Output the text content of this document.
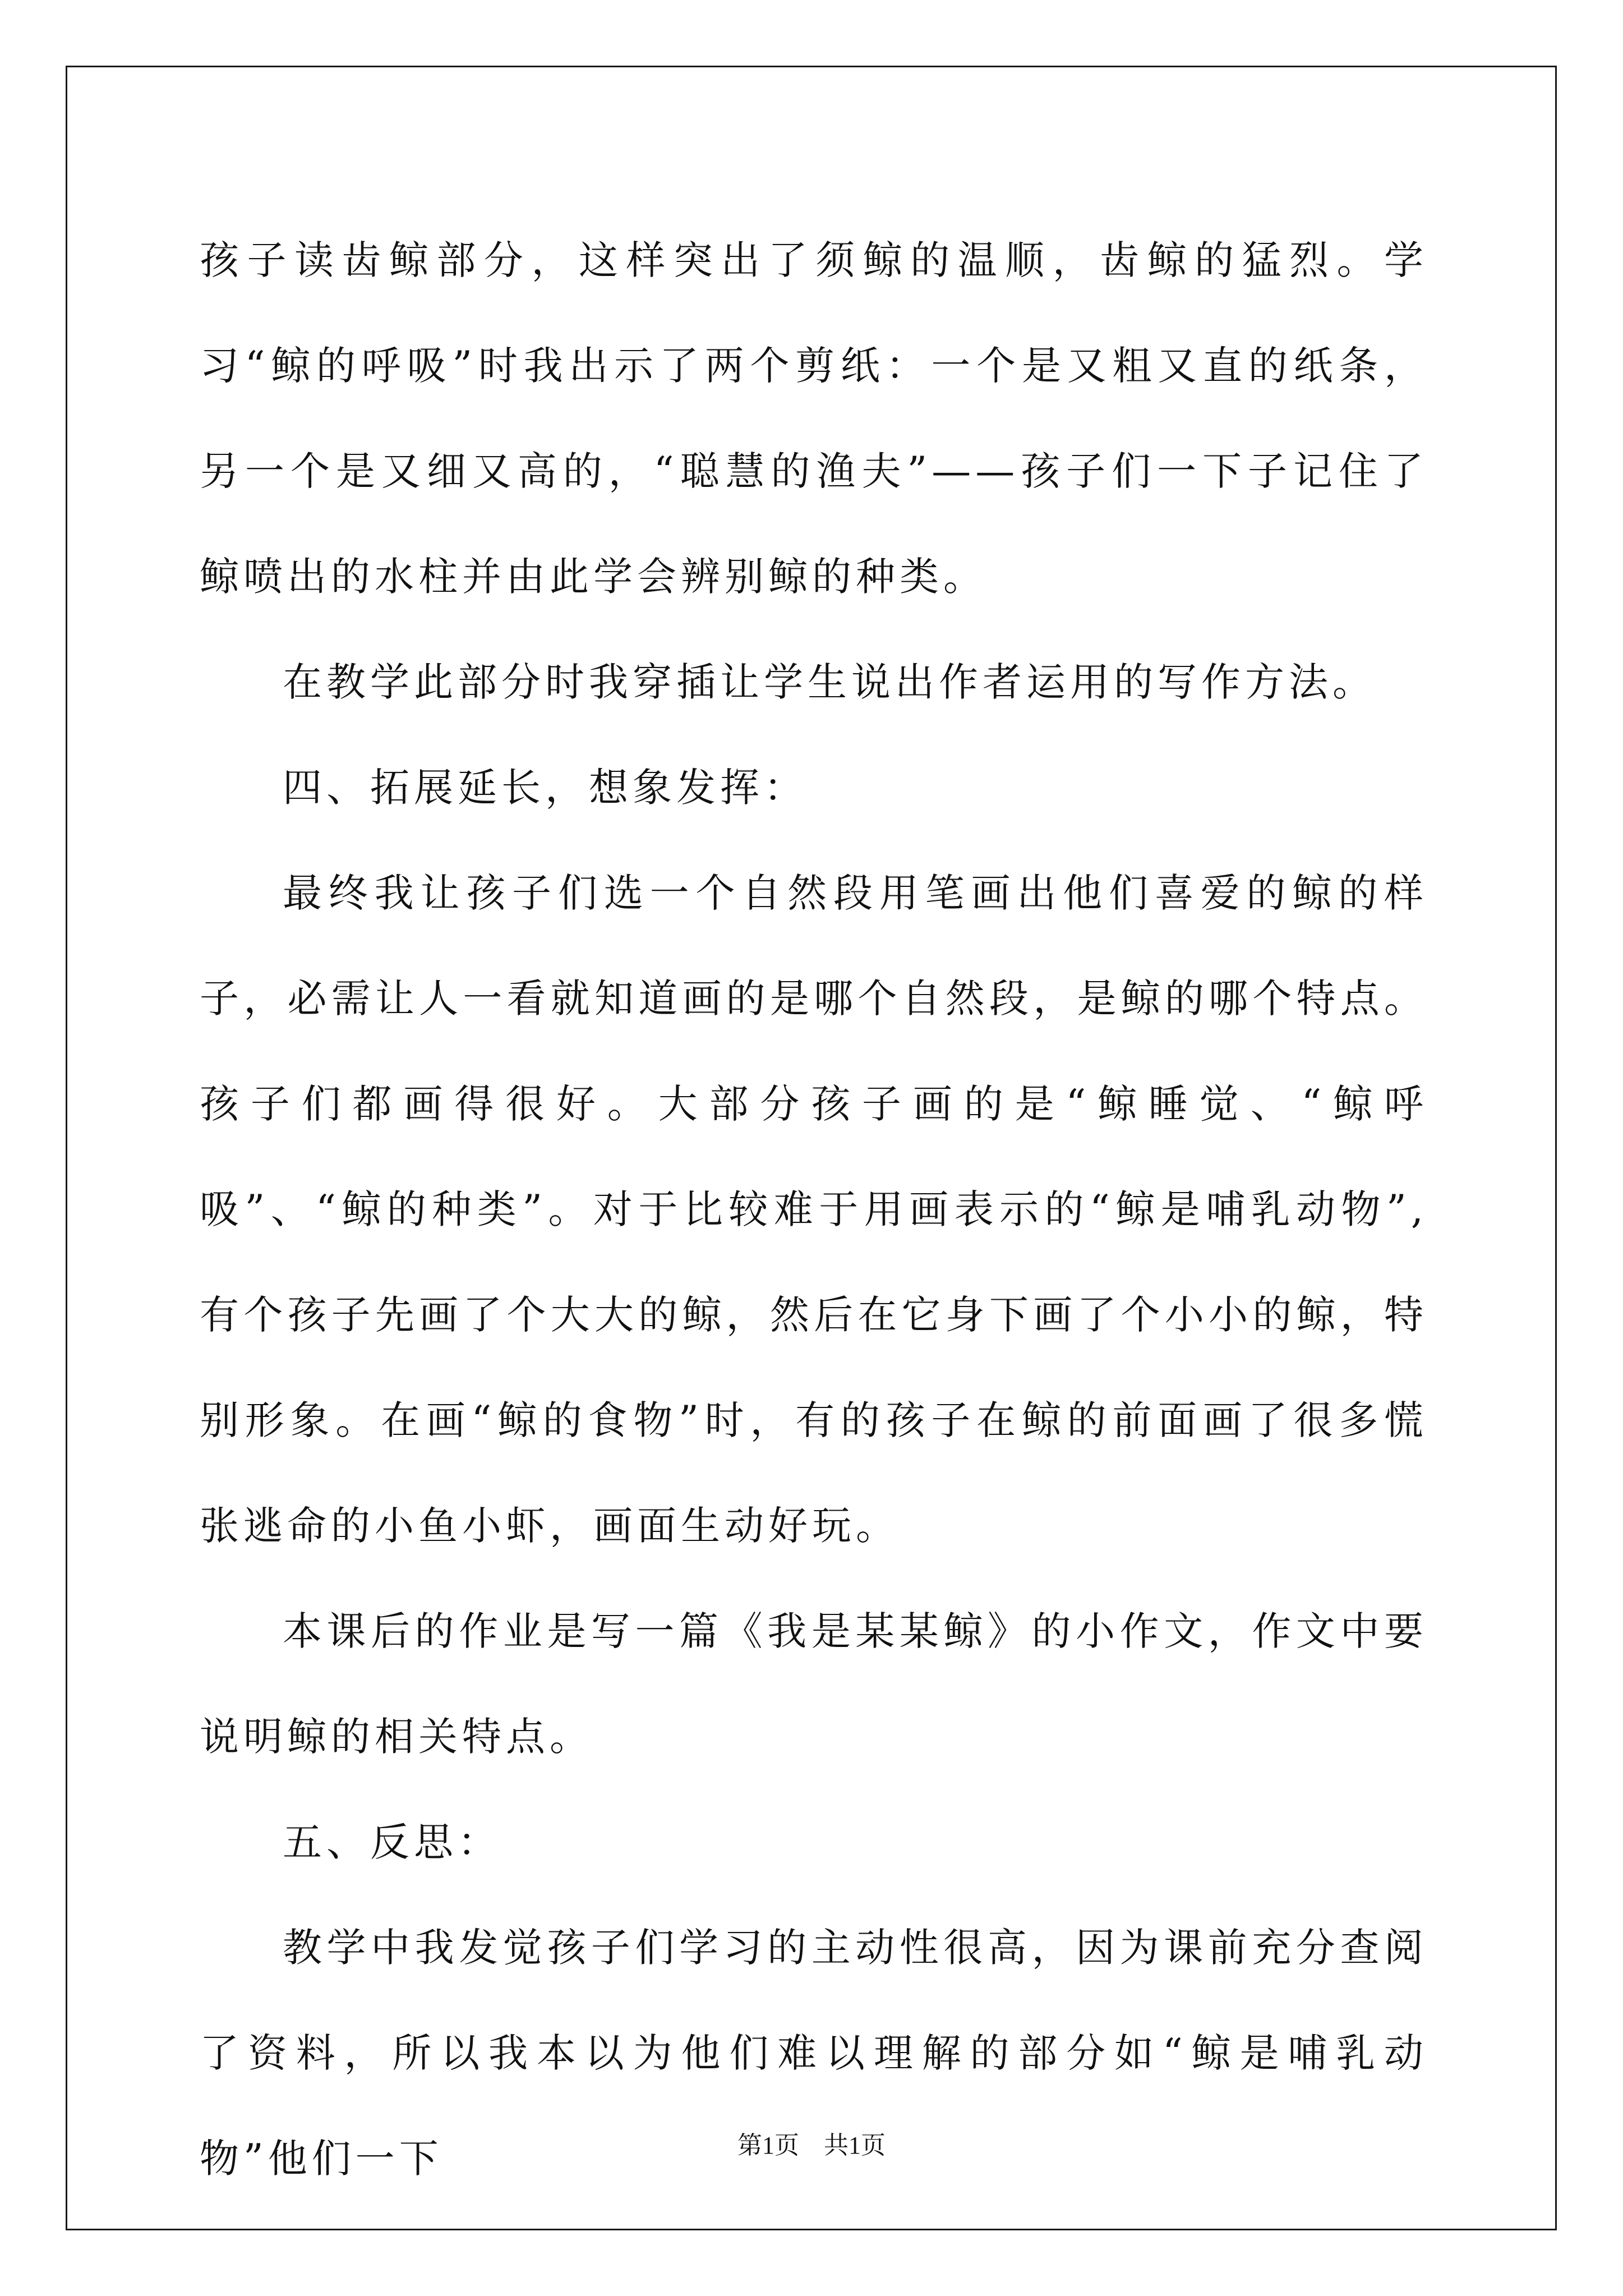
孩子读齿鲸部分，这样突出了须鲸的温顺，齿鲸的猛烈。学习“鲸的呼吸”时我出示了两个剪纸：一个是又粗又直的纸条，另一个是又细又高的，“聪慧的渔夫”——孩子们一下子记住了鲸喷出的水柱并由此学会辨别鲸的种类。

在教学此部分时我穿插让学生说出作者运用的写作方法。

四、拓展延长，想象发挥：

最终我让孩子们选一个自然段用笔画出他们喜爱的鲸的样子，必需让人一看就知道画的是哪个自然段，是鲸的哪个特点。孩子们都画得很好。大部分孩子画的是“鲸睡觉、“鲸呼吸”、“鲸的种类”。对于比较难于用画表示的“鲸是哺乳动物”,有个孩子先画了个大大的鲸，然后在它身下画了个小小的鲸，特别形象。在画“鲸的食物”时，有的孩子在鲸的前面画了很多慌张逃命的小鱼小虾，画面生动好玩。

本课后的作业是写一篇《我是某某鲸》的小作文，作文中要说明鲸的相关特点。

五、反思：

教学中我发觉孩子们学习的主动性很高，因为课前充分查阅了资料，所以我本以为他们难以理解的部分如“鲸是哺乳动物”他们一下	第1页 共1页
